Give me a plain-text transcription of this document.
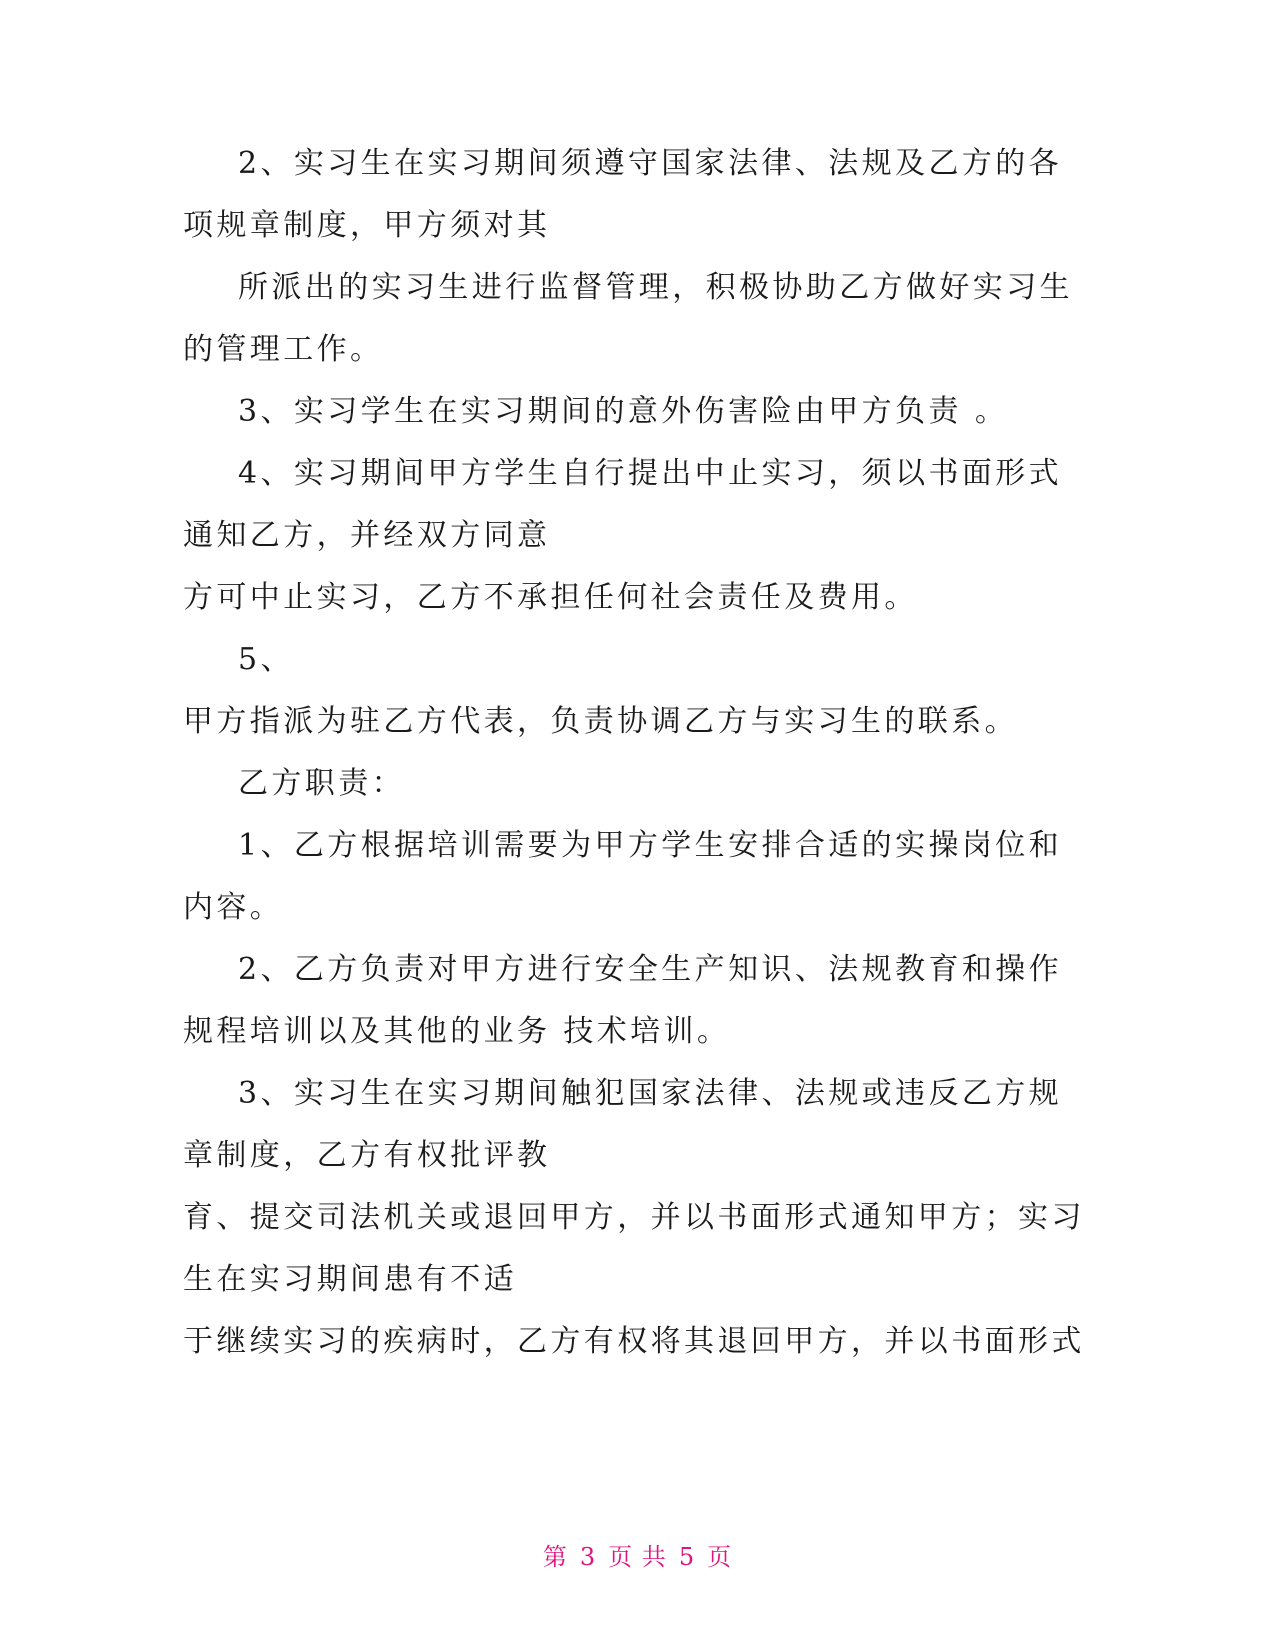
2、实习生在实习期间须遵守国家法律、法规及乙方的各
项规章制度，甲方须对其
所派出的实习生进行监督管理，积极协助乙方做好实习生
的管理工作。
3、实习学生在实习期间的意外伤害险由甲方负责 。
4、实习期间甲方学生自行提出中止实习，须以书面形式
通知乙方，并经双方同意
方可中止实习，乙方不承担任何社会责任及费用。
5、
甲方指派为驻乙方代表，负责协调乙方与实习生的联系。
乙方职责：
1、乙方根据培训需要为甲方学生安排合适的实操岗位和
内容。
2、乙方负责对甲方进行安全生产知识、法规教育和操作
规程培训以及其他的业务 技术培训。
3、实习生在实习期间触犯国家法律、法规或违反乙方规
章制度，乙方有权批评教
育、提交司法机关或退回甲方，并以书面形式通知甲方；实习
生在实习期间患有不适
于继续实习的疾病时，乙方有权将其退回甲方，并以书面形式
第 3 页 共 5 页
